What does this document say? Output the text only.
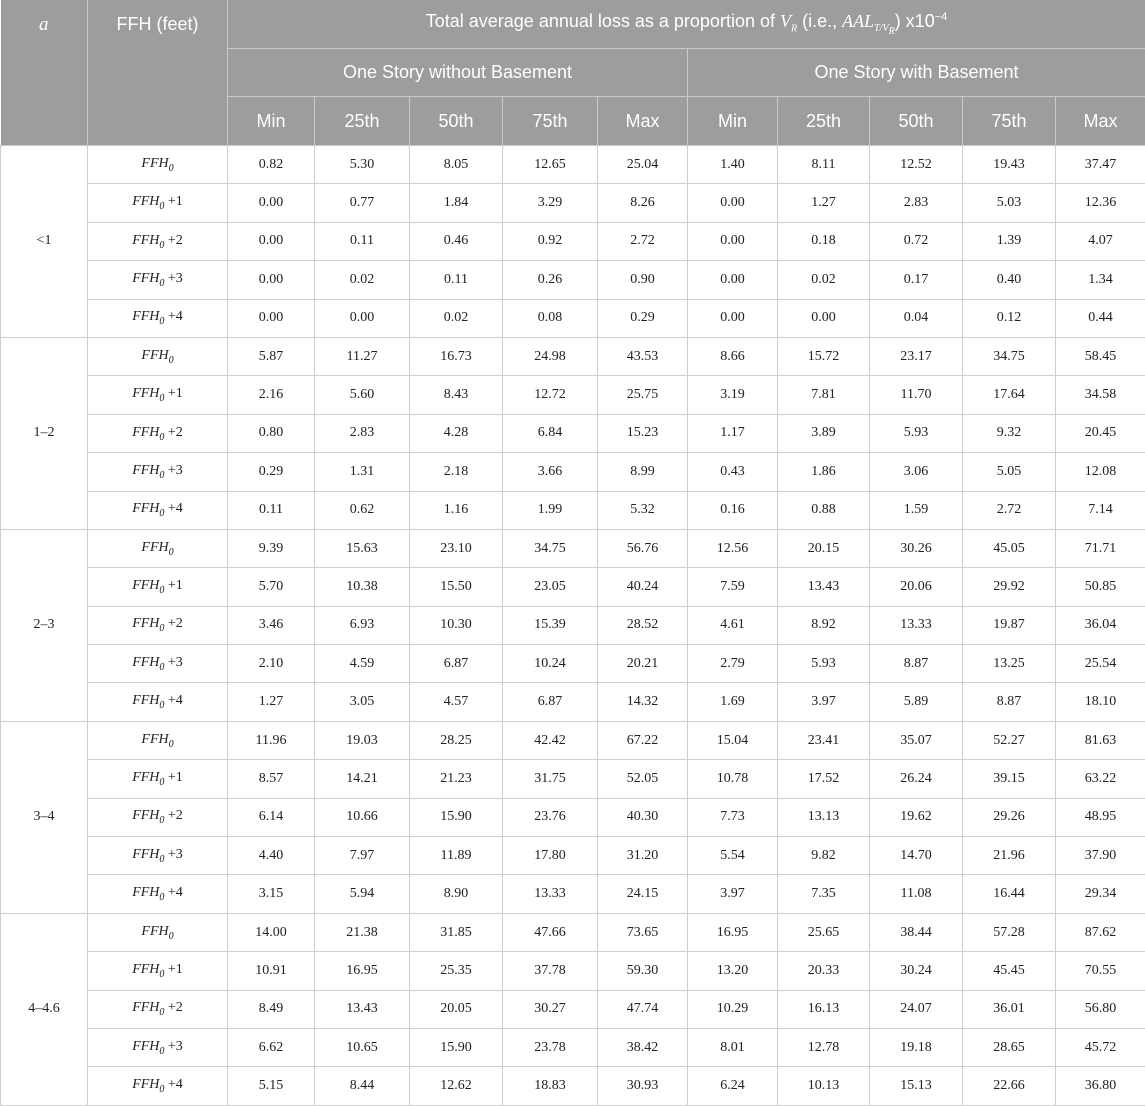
a	FFH (feet)	Total average annual loss as a proportion of $V_R$ (i.e., $AAL_{T/V_R}$) $x10^{-4}$
		One Story without Basement					One Story with Basement				
		Min	25th	50th	75th	Max	Min	25th	50th	75th	Max
<1	$FFH_0$	0.82	5.30	8.05	12.65	25.04	1.40	8.11	12.52	19.43	37.47
	$FFH_0 +1$	0.00	0.77	1.84	3.29	8.26	0.00	1.27	2.83	5.03	12.36
	$FFH_0 +2$	0.00	0.11	0.46	0.92	2.72	0.00	0.18	0.72	1.39	4.07
	$FFH_0 +3$	0.00	0.02	0.11	0.26	0.90	0.00	0.02	0.17	0.40	1.34
	$FFH_0 +4$	0.00	0.00	0.02	0.08	0.29	0.00	0.00	0.04	0.12	0.44
1–2	$FFH_0$	5.87	11.27	16.73	24.98	43.53	8.66	15.72	23.17	34.75	58.45
	$FFH_0 +1$	2.16	5.60	8.43	12.72	25.75	3.19	7.81	11.70	17.64	34.58
	$FFH_0 +2$	0.80	2.83	4.28	6.84	15.23	1.17	3.89	5.93	9.32	20.45
	$FFH_0 +3$	0.29	1.31	2.18	3.66	8.99	0.43	1.86	3.06	5.05	12.08
	$FFH_0 +4$	0.11	0.62	1.16	1.99	5.32	0.16	0.88	1.59	2.72	7.14
2–3	$FFH_0$	9.39	15.63	23.10	34.75	56.76	12.56	20.15	30.26	45.05	71.71
	$FFH_0 +1$	5.70	10.38	15.50	23.05	40.24	7.59	13.43	20.06	29.92	50.85
	$FFH_0 +2$	3.46	6.93	10.30	15.39	28.52	4.61	8.92	13.33	19.87	36.04
	$FFH_0 +3$	2.10	4.59	6.87	10.24	20.21	2.79	5.93	8.87	13.25	25.54
	$FFH_0 +4$	1.27	3.05	4.57	6.87	14.32	1.69	3.97	5.89	8.87	18.10
3–4	$FFH_0$	11.96	19.03	28.25	42.42	67.22	15.04	23.41	35.07	52.27	81.63
	$FFH_0 +1$	8.57	14.21	21.23	31.75	52.05	10.78	17.52	26.24	39.15	63.22
	$FFH_0 +2$	6.14	10.66	15.90	23.76	40.30	7.73	13.13	19.62	29.26	48.95
	$FFH_0 +3$	4.40	7.97	11.89	17.80	31.20	5.54	9.82	14.70	21.96	37.90
	$FFH_0 +4$	3.15	5.94	8.90	13.33	24.15	3.97	7.35	11.08	16.44	29.34
4–4.6	$FFH_0$	14.00	21.38	31.85	47.66	73.65	16.95	25.65	38.44	57.28	87.62
	$FFH_0 +1$	10.91	16.95	25.35	37.78	59.30	13.20	20.33	30.24	45.45	70.55
	$FFH_0 +2$	8.49	13.43	20.05	30.27	47.74	10.29	16.13	24.07	36.01	56.80
	$FFH_0 +3$	6.62	10.65	15.90	23.78	38.42	8.01	12.78	19.18	28.65	45.72
	$FFH_0 +4$	5.15	8.44	12.62	18.83	30.93	6.24	10.13	15.13	22.66	36.80
